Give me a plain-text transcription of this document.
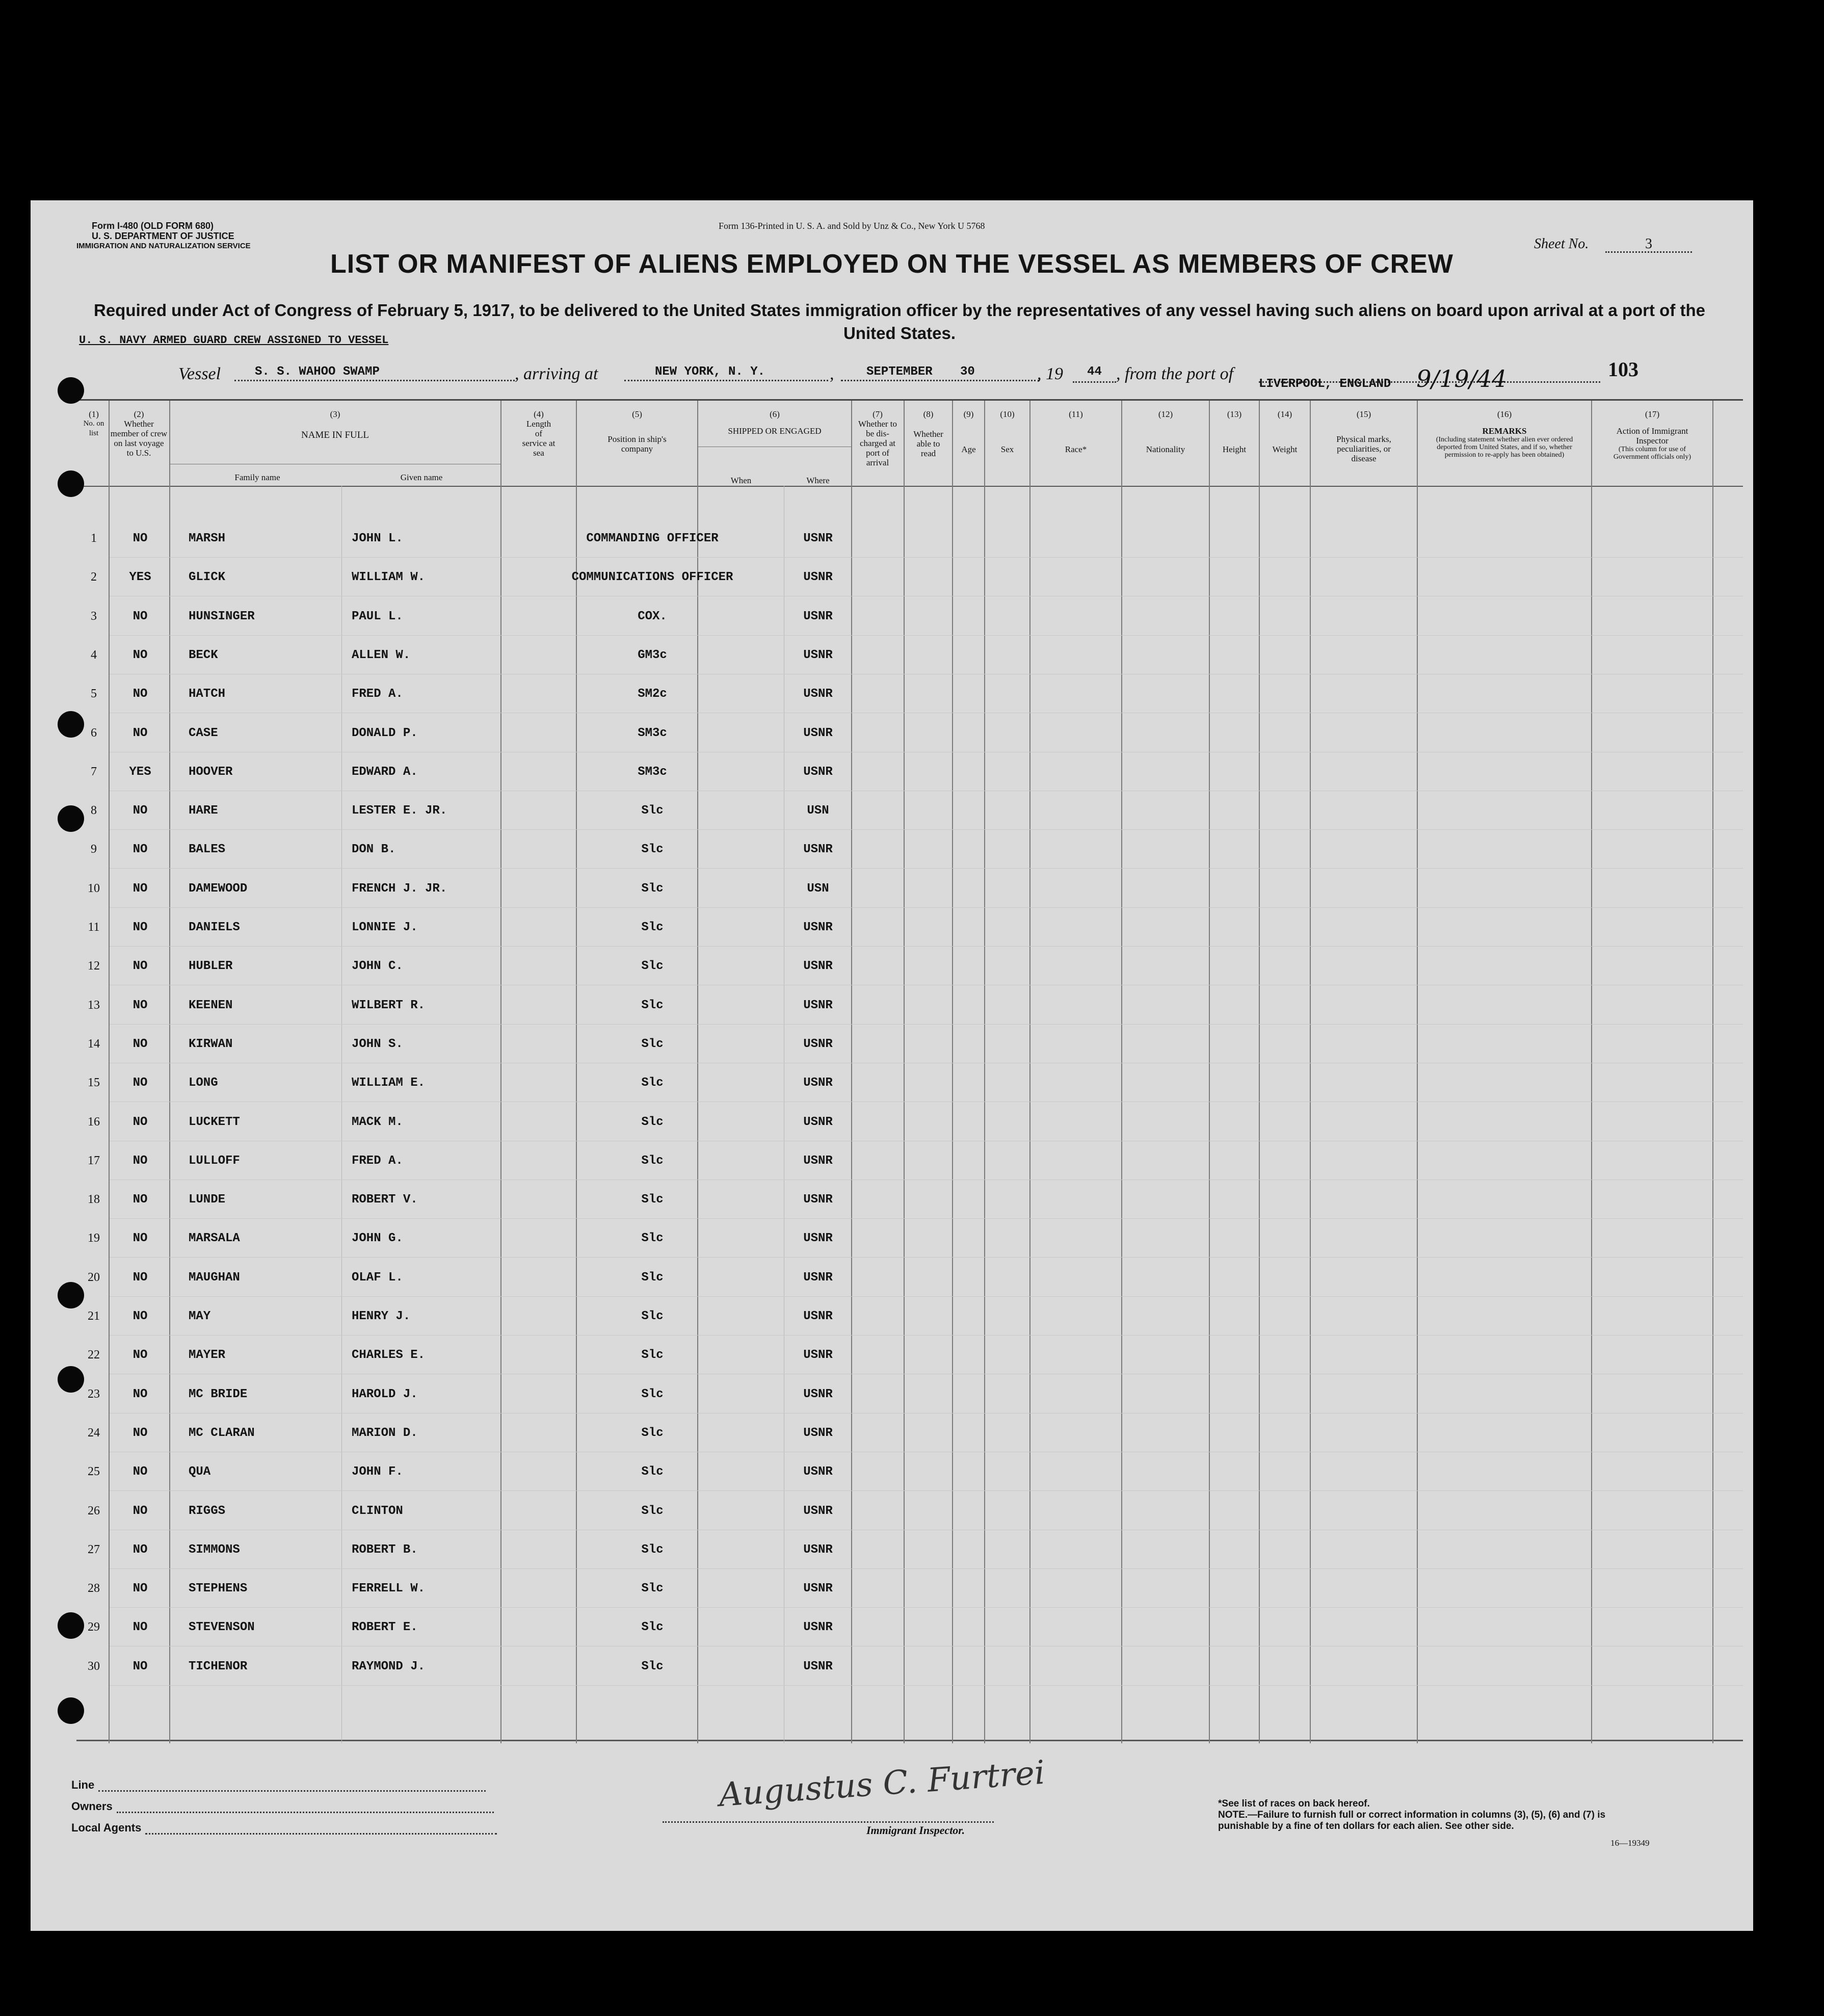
Form I-480 (OLD FORM 680)
U. S. DEPARTMENT OF JUSTICE
IMMIGRATION AND NATURALIZATION SERVICE
Form 136-Printed in U. S. A. and Sold by Unz & Co., New York U 5768
Sheet No.	3
LIST OR MANIFEST OF ALIENS EMPLOYED ON THE VESSEL AS MEMBERS OF CREW
Required under Act of Congress of February 5, 1917, to be delivered to the United States immigration officer by the representatives of any vessel having such aliens on board upon arrival at a port of the United States.
U. S. NAVY ARMED GUARD CREW ASSIGNED TO VESSEL
Vessel	S. S. WAHOO SWAMP	, arriving at	NEW YORK, N. Y.	,	SEPTEMBER 30	, 19	44 , from the port of
LIVERPOOL, ENGLAND 9/19/44	103
(1)
No. on list
(2)
Whether member of crew on last voyage to U.S.
(3)
NAME IN FULL
Family name	Given name
(4)
Length of service at sea
(5)
Position in ship's company
(6)
SHIPPED OR ENGAGED
When	Where
(7)
Whether to be dis-charged at port of arrival
(8)
Whether able to read
(9)
Age
(10)
Sex
(11)
Race*
(12)
Nationality
(13)
Height
(14)
Weight
(15)
Physical marks, peculiarities, or disease
(16)
REMARKS
(Including statement whether alien ever ordered deported from United States, and if so, whether permission to re-apply has been obtained)
(17)
Action of Immigrant Inspector
(This column for use of Government officials only)
1	NO	MARSH	JOHN L.	COMMANDING OFFICER	USNR
2	YES	GLICK	WILLIAM W.	COMMUNICATIONS OFFICER	USNR
3	NO	HUNSINGER	PAUL L.	COX.	USNR
4	NO	BECK	ALLEN W.	GM3c	USNR
5	NO	HATCH	FRED A.	SM2c	USNR
6	NO	CASE	DONALD P.	SM3c	USNR
7	YES	HOOVER	EDWARD A.	SM3c	USNR
8	NO	HARE	LESTER E. JR.	Slc	USN
9	NO	BALES	DON B.	Slc	USNR
10	NO	DAMEWOOD	FRENCH J. JR.	Slc	USN
11	NO	DANIELS	LONNIE J.	Slc	USNR
12	NO	HUBLER	JOHN C.	Slc	USNR
13	NO	KEENEN	WILBERT R.	Slc	USNR
14	NO	KIRWAN	JOHN S.	Slc	USNR
15	NO	LONG	WILLIAM E.	Slc	USNR
16	NO	LUCKETT	MACK M.	Slc	USNR
17	NO	LULLOFF	FRED A.	Slc	USNR
18	NO	LUNDE	ROBERT V.	Slc	USNR
19	NO	MARSALA	JOHN G.	Slc	USNR
20	NO	MAUGHAN	OLAF L.	Slc	USNR
21	NO	MAY	HENRY J.	Slc	USNR
22	NO	MAYER	CHARLES E.	Slc	USNR
23	NO	MC BRIDE	HAROLD J.	Slc	USNR
24	NO	MC CLARAN	MARION D.	Slc	USNR
25	NO	QUA	JOHN F.	Slc	USNR
26	NO	RIGGS	CLINTON	Slc	USNR
27	NO	SIMMONS	ROBERT B.	Slc	USNR
28	NO	STEPHENS	FERRELL W.	Slc	USNR
29	NO	STEVENSON	ROBERT E.	Slc	USNR
30	NO	TICHENOR	RAYMOND J.	Slc	USNR
Line
Owners
Local Agents
Augustus C. Furtrei
Immigrant Inspector.
*See list of races on back hereof.
NOTE.—Failure to furnish full or correct information in columns (3), (5), (6) and (7) is punishable by a fine of ten dollars for each alien. See other side.
16—19349
